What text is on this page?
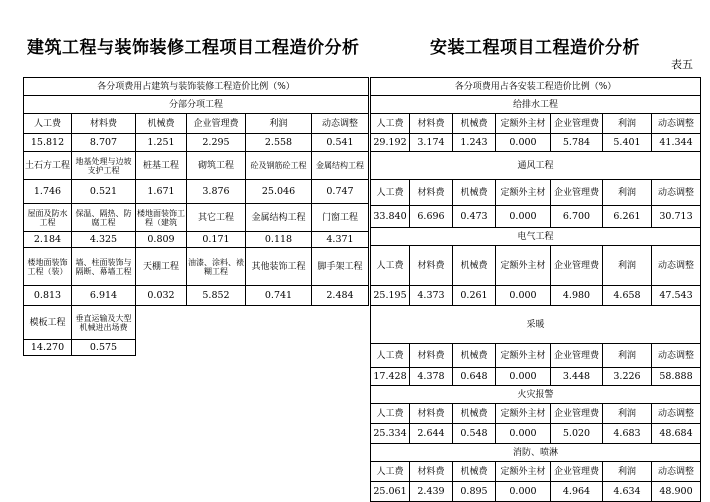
建筑工程与装饰装修工程项目工程造价分析	安装工程项目工程造价分析
表五
各分项费用占建筑与装饰装修工程造价比例（%）					
分部分项工程					
人工费	材料费	机械费	企业管理费	利润	动态调整
15.812	8.707	1.251	2.295	2.558	0.541
土石方工程	地基处理与边坡支护工程	桩基工程	砌筑工程	砼及钢筋砼工程	金属结构工程
1.746	0.521	1.671	3.876	25.046	0.747
屋面及防水工程	保温、隔热、防腐工程	楼地面装饰工程（建筑	其它工程	金属结构工程	门窗工程
2.184	4.325	0.809	0.171	0.118	4.371
楼地面装饰工程（装）	墙、柱面装饰与隔断、幕墙工程	天棚工程	油漆、涂料、裱糊工程	其他装饰工程	脚手架工程
0.813	6.914	0.032	5.852	0.741	2.484
模板工程	垂直运输及大型机械进出场费				
14.270	0.575				
各分项费用占各安装工程造价比例（%）						
给排水工程						
人工费	材料费	机械费	定额外主材	企业管理费	利润	动态调整
29.192	3.174	1.243	0.000	5.784	5.401	41.344
通风工程						
人工费	材料费	机械费	定额外主材	企业管理费	利润	动态调整
33.840	6.696	0.473	0.000	6.700	6.261	30.713
电气工程						
人工费	材料费	机械费	定额外主材	企业管理费	利润	动态调整
25.195	4.373	0.261	0.000	4.980	4.658	47.543
采暖						
人工费	材料费	机械费	定额外主材	企业管理费	利润	动态调整
17.428	4.378	0.648	0.000	3.448	3.226	58.888
火灾报警						
人工费	材料费	机械费	定额外主材	企业管理费	利润	动态调整
25.334	2.644	0.548	0.000	5.020	4.683	48.684
消防、喷淋						
人工费	材料费	机械费	定额外主材	企业管理费	利润	动态调整
25.061	2.439	0.895	0.000	4.964	4.634	48.900
